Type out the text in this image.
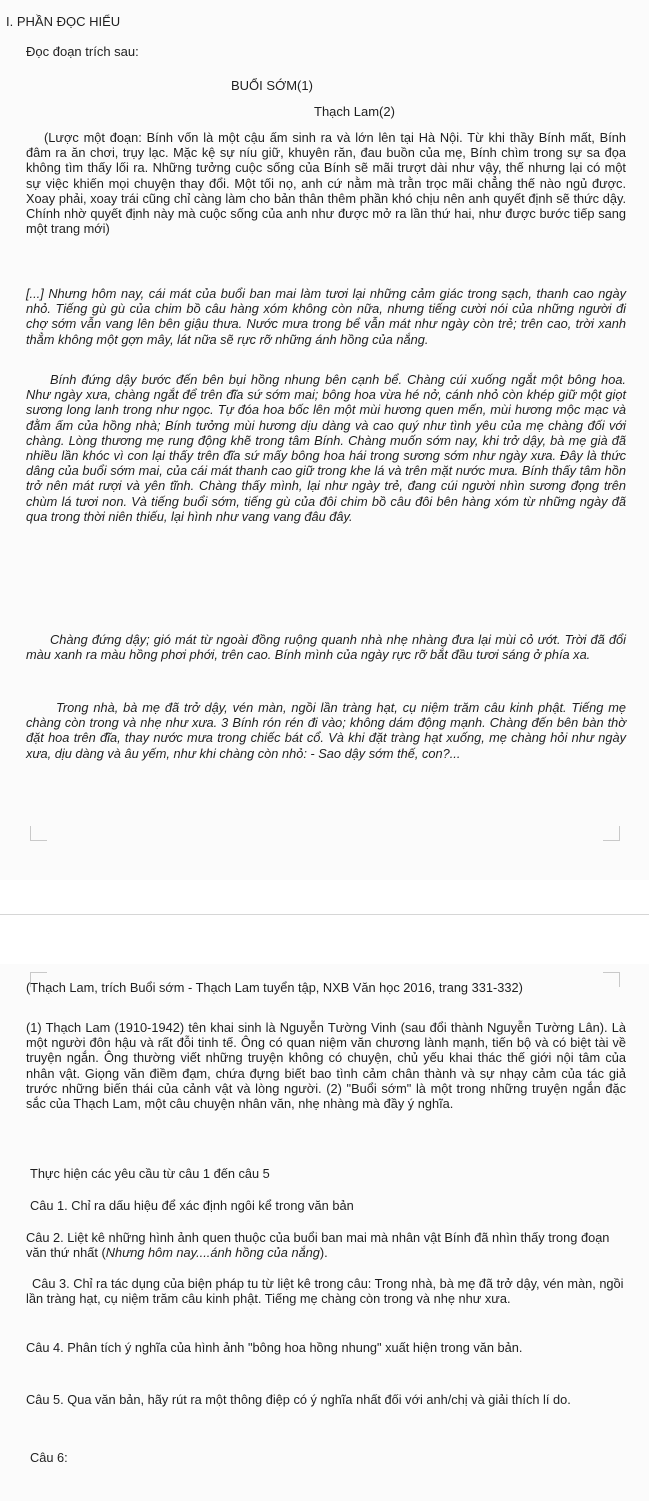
I. PHẦN ĐỌC HIỂU
Đọc đoạn trích sau:
BUỔI SỚM(1)
Thạch Lam(2)

(Lược một đoạn: Bính vốn là một cậu ấm sinh ra và lớn lên tại Hà Nội. Từ khi thầy Bính mất, Bính đâm ra ăn chơi, trụy lạc. Mặc kệ sự níu giữ, khuyên răn, đau buồn của mẹ, Bính chìm trong sự sa đọa không tìm thấy lối ra. Những tưởng cuộc sống của Bính sẽ mãi trượt dài như vậy, thế nhưng lại có một sự việc khiến mọi chuyện thay đổi. Một tối nọ, anh cứ nằm mà trằn trọc mãi chẳng thế nào ngủ được. Xoay phải, xoay trái cũng chỉ càng làm cho bản thân thêm phần khó chịu nên anh quyết định sẽ thức dậy. Chính nhờ quyết định này mà cuộc sống của anh như được mở ra lần thứ hai, như được bước tiếp sang một trang mới)

[...] Nhưng hôm nay, cái mát của buổi ban mai làm tươi lại những cảm giác trong sạch, thanh cao ngày nhỏ. Tiếng gù gù của chim bồ câu hàng xóm không còn nữa, nhưng tiếng cười nói của những người đi chợ sớm vẫn vang lên bên giậu thưa. Nước mưa trong bể vẫn mát như ngày còn trẻ; trên cao, trời xanh thẳm không một gợn mây, lát nữa sẽ rực rỡ những ánh hồng của nắng.

Bính đứng dậy bước đến bên bụi hồng nhung bên cạnh bể. Chàng cúi xuống ngắt một bông hoa. Như ngày xưa, chàng ngắt để trên đĩa sứ sớm mai; bông hoa vừa hé nở, cánh nhỏ còn khép giữ một giọt sương long lanh trong như ngọc. Tự đóa hoa bốc lên một mùi hương quen mến, mùi hương mộc mạc và đằm ấm của hồng nhà; Bính tưởng mùi hương dịu dàng và cao quý như tình yêu của mẹ chàng đối với chàng. Lòng thương mẹ rung động khẽ trong tâm Bính. Chàng muốn sớm nay, khi trở dậy, bà mẹ già đã nhiều lần khóc vì con lại thấy trên đĩa sứ mấy bông hoa hái trong sương sớm như ngày xưa. Đây là thức dâng của buổi sớm mai, của cái mát thanh cao giữ trong khe lá và trên mặt nước mưa. Bính thấy tâm hồn trở nên mát rượi và yên tĩnh. Chàng thấy mình, lại như ngày trẻ, đang cúi người nhìn sương đọng trên chùm lá tươi non. Và tiếng buổi sớm, tiếng gù của đôi chim bồ câu đôi bên hàng xóm từ những ngày đã qua trong thời niên thiếu, lại hình như vang vang đâu đây.

Chàng đứng dậy; gió mát từ ngoài đồng ruộng quanh nhà nhẹ nhàng đưa lại mùi cỏ ướt. Trời đã đổi màu xanh ra màu hồng phơi phới, trên cao. Bính mình của ngày rực rỡ bắt đầu tươi sáng ở phía xa.

Trong nhà, bà mẹ đã trở dậy, vén màn, ngồi lần tràng hạt, cụ niệm trăm câu kinh phật. Tiếng mẹ chàng còn trong và nhẹ như xưa. 3 Bính rón rén đi vào; không dám động mạnh. Chàng đến bên bàn thờ đặt hoa trên đĩa, thay nước mưa trong chiếc bát cổ. Và khi đặt tràng hạt xuống, mẹ chàng hỏi như ngày xưa, dịu dàng và âu yếm, như khi chàng còn nhỏ: - Sao dậy sớm thế, con?...

(Thạch Lam, trích Buổi sớm - Thạch Lam tuyển tập, NXB Văn học 2016, trang 331-332)

(1) Thạch Lam (1910-1942) tên khai sinh là Nguyễn Tường Vinh (sau đổi thành Nguyễn Tường Lân). Là một người đôn hậu và rất đỗi tinh tế. Ông có quan niệm văn chương lành mạnh, tiến bộ và có biệt tài về truyện ngắn. Ông thường viết những truyện không có chuyện, chủ yếu khai thác thế giới nội tâm của nhân vật. Giọng văn điềm đạm, chứa đựng biết bao tình cảm chân thành và sự nhạy cảm của tác giả trước những biến thái của cảnh vật và lòng người. (2) "Buổi sớm" là một trong những truyện ngắn đặc sắc của Thạch Lam, một câu chuyện nhân văn, nhẹ nhàng mà đầy ý nghĩa.

Thực hiện các yêu cầu từ câu 1 đến câu 5
Câu 1. Chỉ ra dấu hiệu để xác định ngôi kể trong văn bản

Câu 2. Liệt kê những hình ảnh quen thuộc của buổi ban mai mà nhân vật Bính đã nhìn thấy trong đoạn văn thứ nhất (Nhưng hôm nay....ánh hồng của nắng).

Câu 3. Chỉ ra tác dụng của biện pháp tu từ liệt kê trong câu: Trong nhà, bà mẹ đã trở dậy, vén màn, ngồi lần tràng hạt, cụ niệm trăm câu kinh phật. Tiếng mẹ chàng còn trong và nhẹ như xưa.

Câu 4. Phân tích ý nghĩa của hình ảnh "bông hoa hồng nhung" xuất hiện trong văn bản.

Câu 5. Qua văn bản, hãy rút ra một thông điệp có ý nghĩa nhất đối với anh/chị và giải thích lí do.

Câu 6:
